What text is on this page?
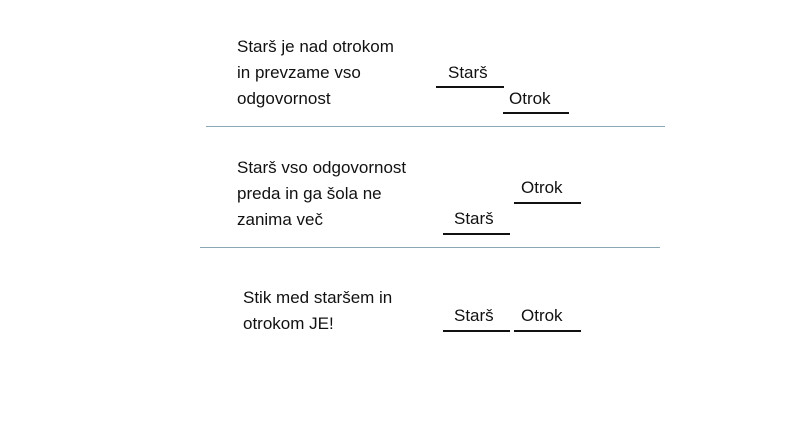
Starš je nad otrokom
in prevzame vso
odgovornost
Starš
Otrok
Starš vso odgovornost
preda in ga šola ne
zanima več
Otrok
Starš
Stik med staršem in
otrokom JE!	Starš Otrok
